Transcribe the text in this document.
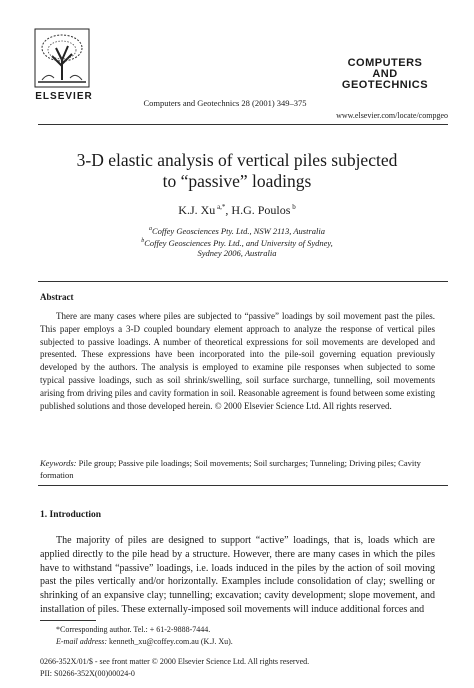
ELSEVIER
Computers and Geotechnics 28 (2001) 349–375
COMPUTERS
AND
GEOTECHNICS
www.elsevier.com/locate/compgeo
3-D elastic analysis of vertical piles subjected
to “passive” loadings
K.J. Xu $^{a,*}$, H.G. Poulos $^b$
$^a$Coffey Geosciences Pty. Ltd., NSW 2113, Australia
$^b$Coffey Geosciences Pty. Ltd., and University of Sydney,
Sydney 2006, Australia
Abstract

There are many cases where piles are subjected to “passive” loadings by soil movement past the piles. This paper employs a 3-D coupled boundary element approach to analyze the response of vertical piles subjected to passive loadings. A number of theoretical expressions for soil movements are developed and presented. These expressions have been incorporated into the pile-soil governing equation previously developed by the authors. The analysis is employed to examine pile responses when subjected to some typical passive loadings, such as soil shrink/swelling, soil surface surcharge, tunnelling, soil movements arising from driving piles and cavity formation in soil. Reasonable agreement is found between some existing published solutions and those developed herein. © 2000 Elsevier Science Ltd. All rights reserved.

Keywords: Pile group; Passive pile loadings; Soil movements; Soil surcharges; Tunneling; Driving piles; Cavity formation

1. Introduction

The majority of piles are designed to support “active” loadings, that is, loads which are applied directly to the pile head by a structure. However, there are many cases in which the piles have to withstand “passive” loadings, i.e. loads induced in the piles by the action of soil moving past the piles vertically and/or horizontally. Examples include consolidation of clay; swelling or shrinking of an expansive clay; tunnelling; excavation; cavity development; slope movement, and installation of piles. These externally-imposed soil movements will induce additional forces and

*Corresponding author. Tel.: + 61-2-9888-7444.
E-mail address: kenneth_xu@coffey.com.au (K.J. Xu).
0266-352X/01/$ - see front matter © 2000 Elsevier Science Ltd. All rights reserved.
PII: S0266-352X(00)00024-0
